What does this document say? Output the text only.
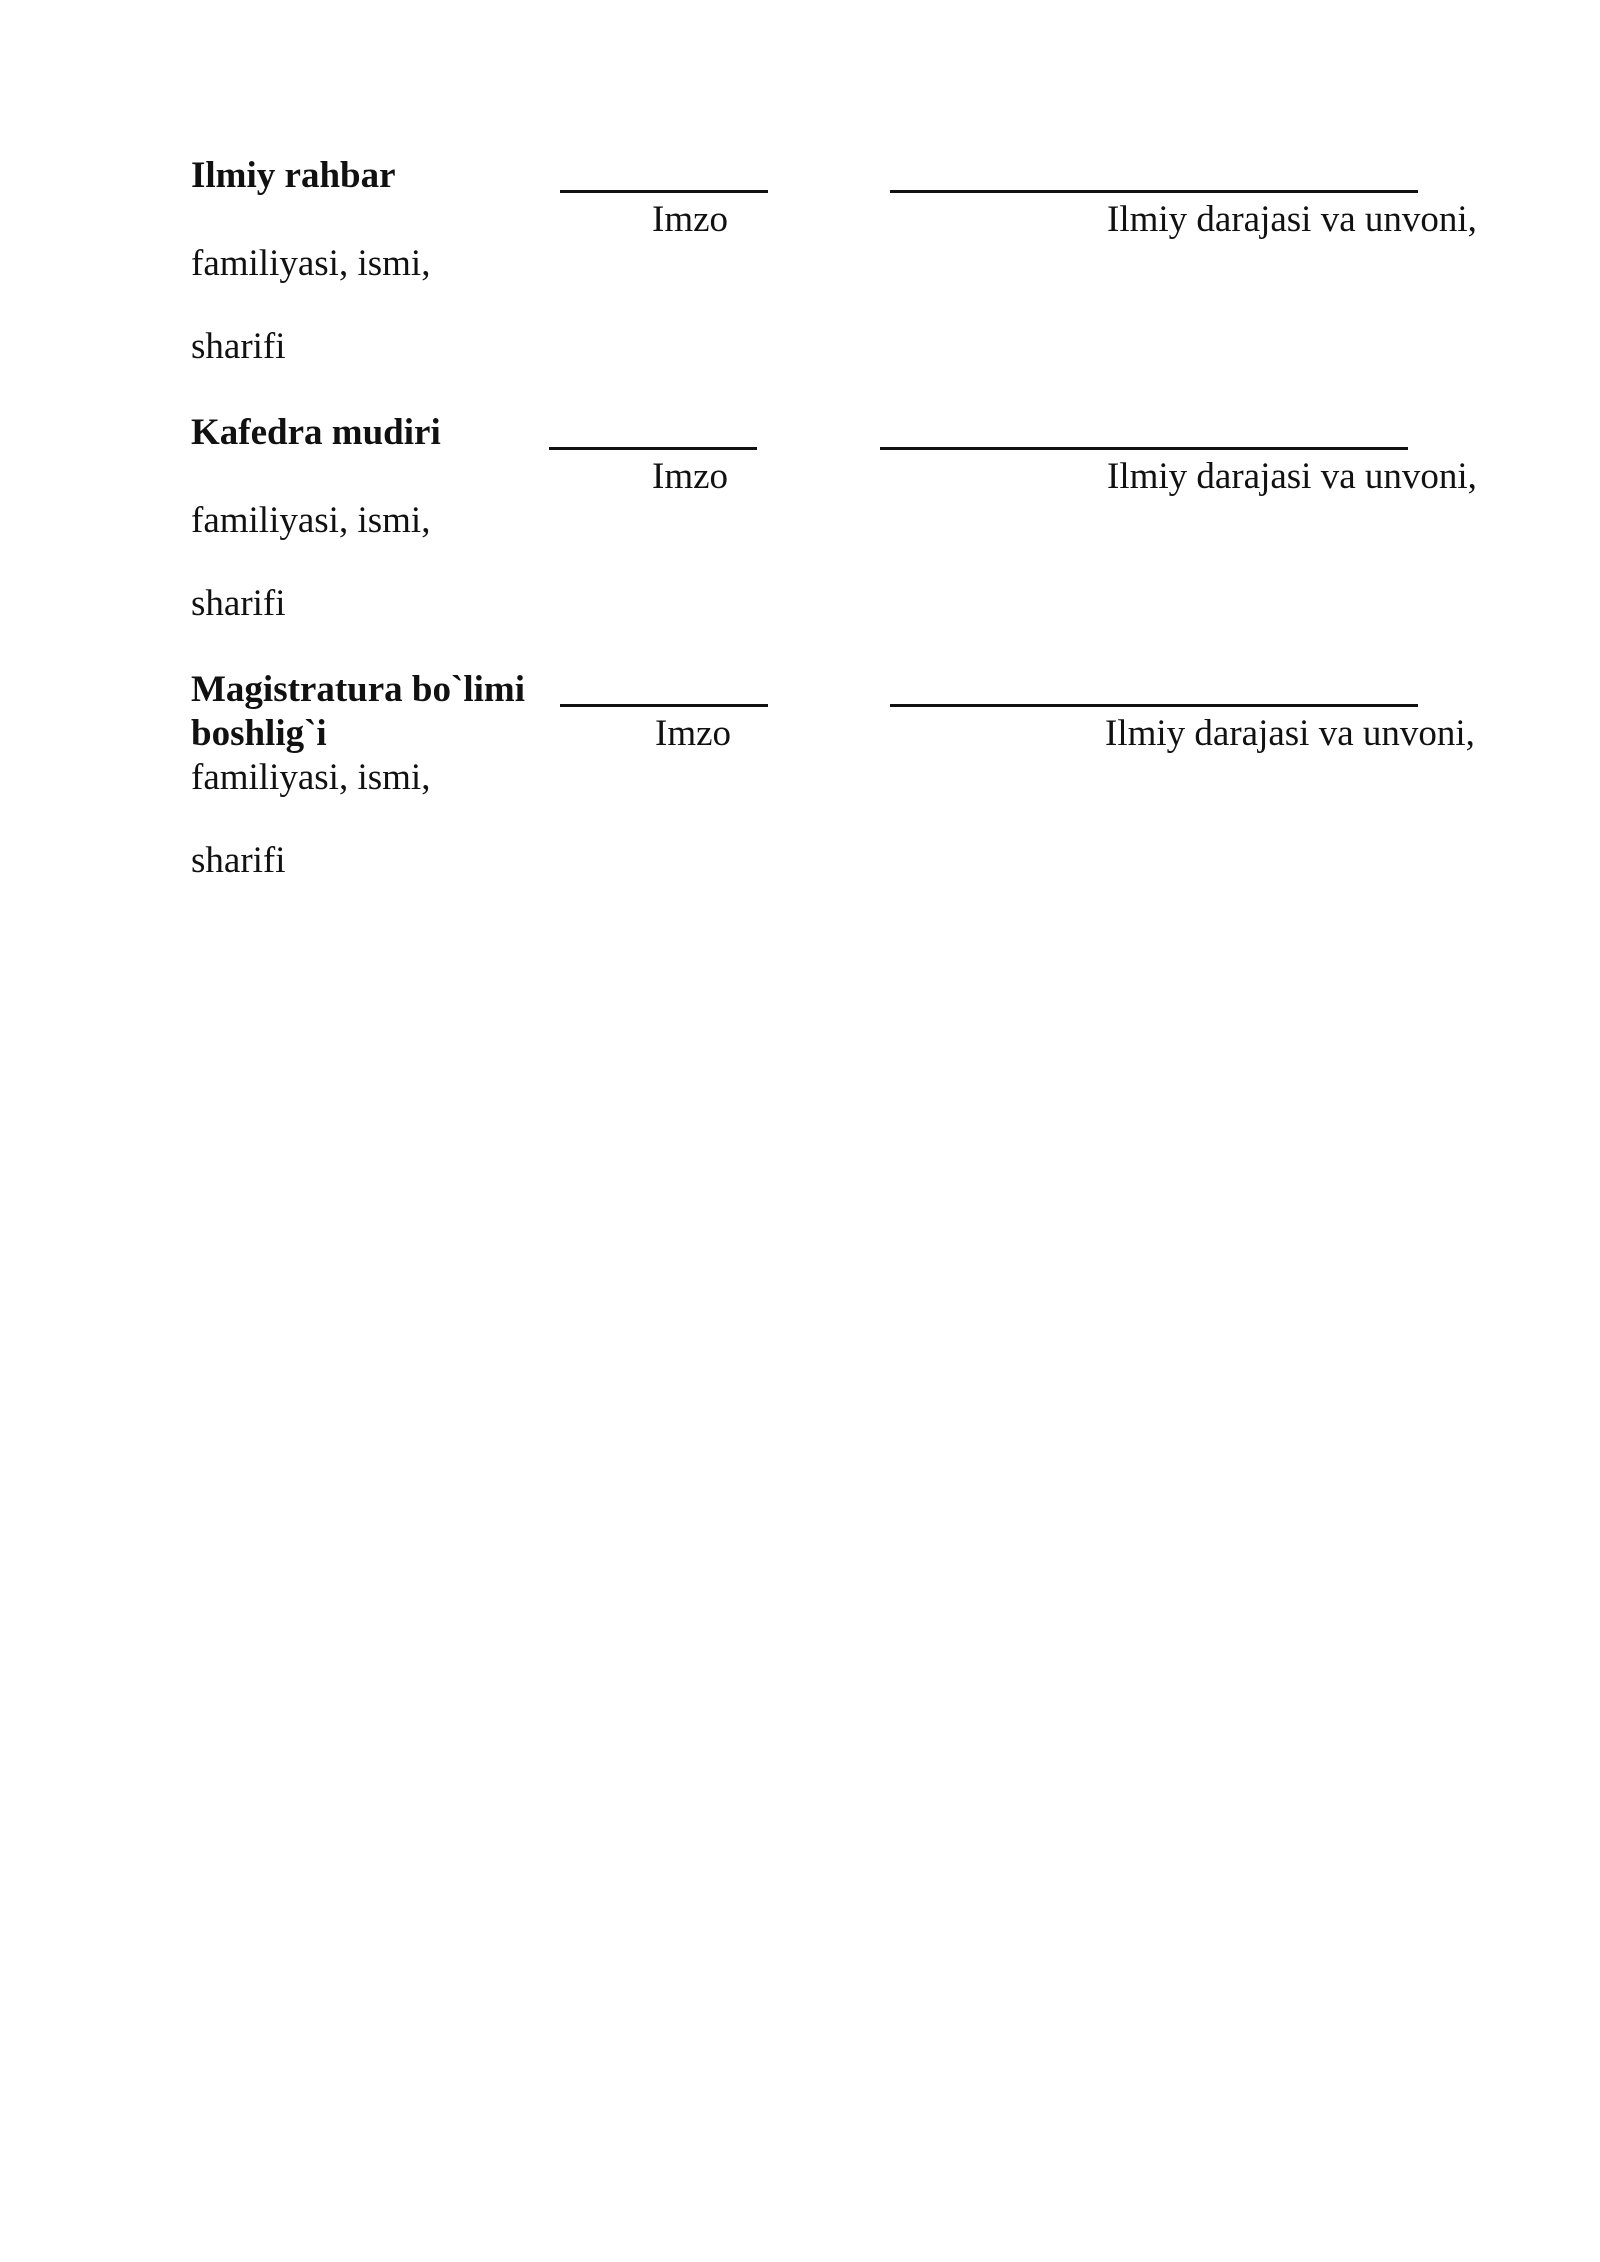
Ilmiy rahbar
Imzo	Ilmiy darajasi va unvoni,
familiyasi, ismi,
sharifi
Kafedra mudiri
Imzo	Ilmiy darajasi va unvoni,
familiyasi, ismi,
sharifi
Magistratura bo`limi
boshlig`i	Imzo	Ilmiy darajasi va unvoni,
familiyasi, ismi,
sharifi
